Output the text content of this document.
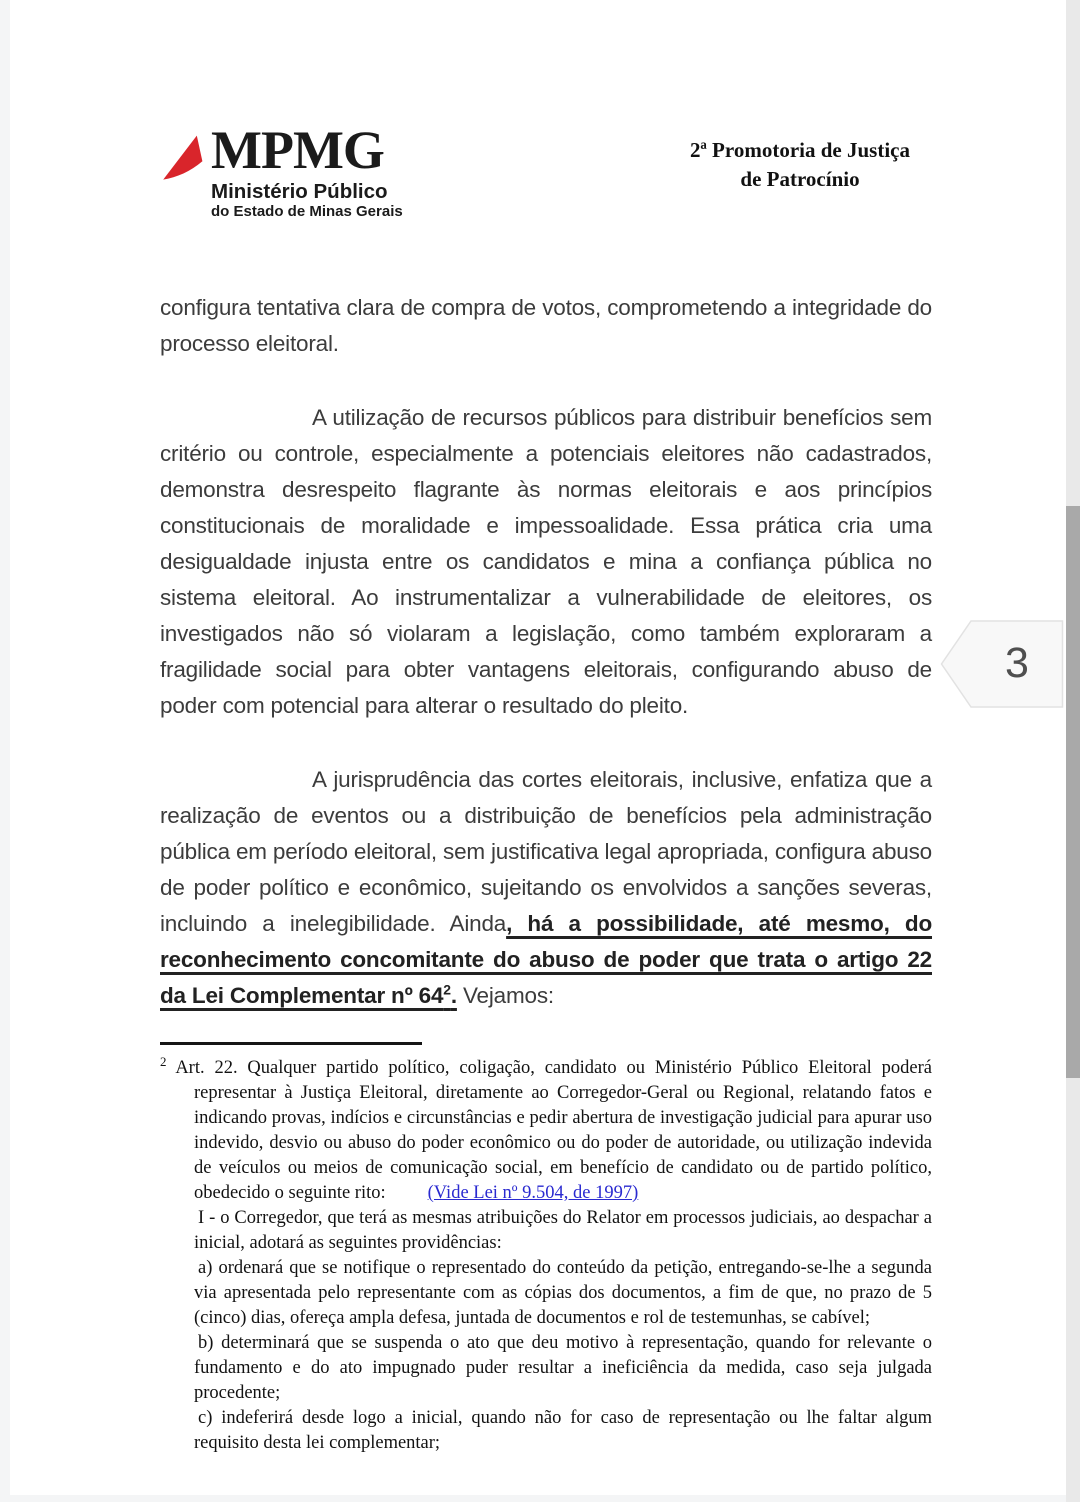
MPMG
Ministério Público
do Estado de Minas Gerais
2ª Promotoria de Justiça
de Patrocínio

configura tentativa clara de compra de votos, comprometendo a integridade do processo eleitoral.

A utilização de recursos públicos para distribuir benefícios sem critério ou controle, especialmente a potenciais eleitores não cadastrados, demonstra desrespeito flagrante às normas eleitorais e aos princípios constitucionais de moralidade e impessoalidade. Essa prática cria uma desigualdade injusta entre os candidatos e mina a confiança pública no sistema eleitoral. Ao instrumentalizar a vulnerabilidade de eleitores, os investigados não só violaram a legislação, como também exploraram a fragilidade social para obter vantagens eleitorais, configurando abuso de poder com potencial para alterar o resultado do pleito.

A jurisprudência das cortes eleitorais, inclusive, enfatiza que a realização de eventos ou a distribuição de benefícios pela administração pública em período eleitoral, sem justificativa legal apropriada, configura abuso de poder político e econômico, sujeitando os envolvidos a sanções severas, incluindo a inelegibilidade. Ainda, há a possibilidade, até mesmo, do reconhecimento concomitante do abuso de poder que trata o artigo 22 da Lei Complementar nº $64^2$. Vejamos:

$^2$ Art. 22. Qualquer partido político, coligação, candidato ou Ministério Público Eleitoral poderá representar à Justiça Eleitoral, diretamente ao Corregedor-Geral ou Regional, relatando fatos e indicando provas, indícios e circunstâncias e pedir abertura de investigação judicial para apurar uso indevido, desvio ou abuso do poder econômico ou do poder de autoridade, ou utilização indevida de veículos ou meios de comunicação social, em benefício de candidato ou de partido político, obedecido o seguinte rito: (Vide Lei nº 9.504, de 1997)

I - o Corregedor, que terá as mesmas atribuições do Relator em processos judiciais, ao despachar a inicial, adotará as seguintes providências:

a) ordenará que se notifique o representado do conteúdo da petição, entregando-se-lhe a segunda via apresentada pelo representante com as cópias dos documentos, a fim de que, no prazo de 5 (cinco) dias, ofereça ampla defesa, juntada de documentos e rol de testemunhas, se cabível;

b) determinará que se suspenda o ato que deu motivo à representação, quando for relevante o fundamento e do ato impugnado puder resultar a ineficiência da medida, caso seja julgada procedente;

c) indeferirá desde logo a inicial, quando não for caso de representação ou lhe faltar algum requisito desta lei complementar;

3
